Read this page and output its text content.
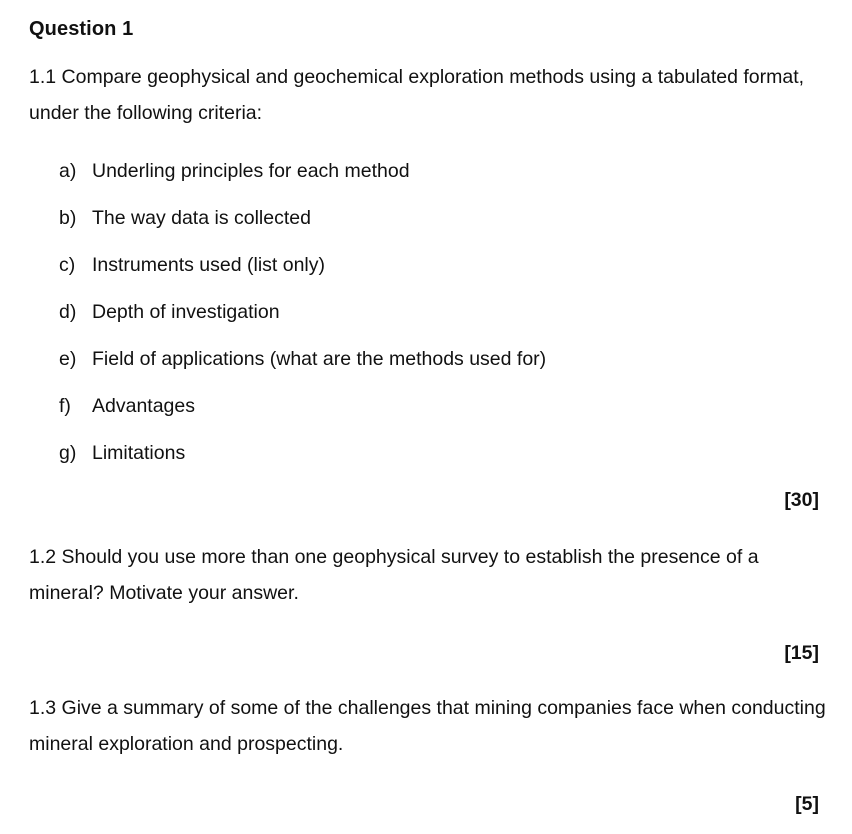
Question 1
1.1 Compare geophysical and geochemical exploration methods using a tabulated format, under the following criteria:
a) Underling principles for each method
b) The way data is collected
c) Instruments used (list only)
d) Depth of investigation
e) Field of applications (what are the methods used for)
f) Advantages
g) Limitations
[30]
1.2 Should you use more than one geophysical survey to establish the presence of a mineral? Motivate your answer.
[15]
1.3 Give a summary of some of the challenges that mining companies face when conducting mineral exploration and prospecting.
[5]
